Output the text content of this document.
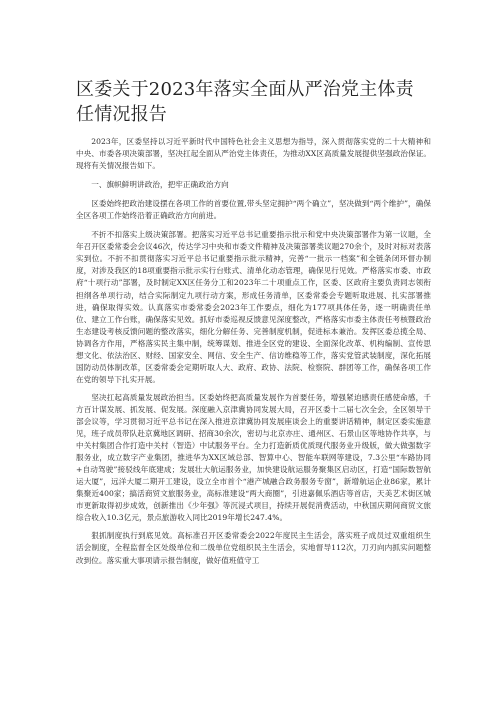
区委关于2023年落实全面从严治党主体责任情况报告

2023年，区委坚持以习近平新时代中国特色社会主义思想为指导，深入贯彻落实党的二十大精神和中央、市委各项决策部署，坚决扛起全面从严治党主体责任，为推动XX区高质量发展提供坚强政治保证。现将有关情况报告如下。

一、旗帜鲜明讲政治，把牢正确政治方向

区委始终把政治建设摆在各项工作的首要位置,带头坚定拥护“两个确立”，坚决做到“两个维护”，确保全区各项工作始终沿着正确政治方向前进。

不折不扣落实上级决策部署。把落实习近平总书记重要指示批示和党中央决策部署作为第一议题，全年召开区委常委会会议46次，传达学习中央和市委文件精神及决策部署类议题270余个，及时对标对表落实到位。不折不扣贯彻落实习近平总书记重要指示批示精神，完善“一批示一档案”和全链条闭环督办制度，对涉及我区的18项重要指示批示实行台账式、清单化动态管理，确保见行见效。严格落实市委、市政府“十项行动”部署，及时制定XX区任务分工和2023年二十项重点工作，区委、区政府主要负责同志领衔担纲各单项行动，结合实际制定九项行动方案，形成任务清单，区委常委会专题听取进展、扎实部署推进，确保取得实效。认真落实市委常委会2023年工作要点，细化为177项具体任务，逐一明确责任单位、建立工作台账，确保落实见效。抓好市委巡视反馈意见深度整改，严格落实市委主体责任考核暨政治生态建设考核反馈问题的整改落实，细化分解任务、完善制度机制，促进标本兼治。发挥区委总揽全局、协调各方作用，严格落实民主集中制，统筹谋划、推进全区党的建设、全面深化改革、机构编制、宣传思想文化、依法治区、财经、国家安全、网信、安全生产、信访维稳等工作，落实党管武装制度，深化拓展国防动员体制改革，区委常委会定期听取人大、政府、政协、法院、检察院、群团等工作，确保各项工作在党的领导下扎实开展。

坚决扛起高质量发展政治担当。区委始终把高质量发展作为首要任务，增强紧迫感责任感使命感，千方百计谋发展、抓发展、促发展。深度融入京津冀协同发展大局，召开区委十二届七次全会，全区领导干部会议等，学习贯彻习近平总书记在深入推进京津冀协同发展座谈会上的重要讲话精神，制定区委实施意见，班子成员带队赴京冀地区调研、招商30余次，密切与北京亦庄、通州区、石景山区等地协作共享，与中关村集团合作打造中关村（智造）中试服务平台。全力打造新质优质现代服务业升级版，做大做强数字服务业，成立数字产业集团，推进华为XX区域总部、智算中心、智能车联网等建设，7.3公里“车路协同+自动驾驶”接驳线年底建成；发展壮大航运服务业，加快建设航运服务聚集区启动区，打造“国际数智航运大厦”，远洋大厦二期开工建设，设立全市首个“港产城融合政务服务专窗”，新增航运企业86家，累计集聚近400家；搞活商贸文旅服务业，高标准建设“两大商圈”，引进嘉佩乐酒店等首店，天美艺术街区城市更新取得初步成效，创新推出《少年强》等沉浸式项目，持续开展促消费活动，中秋国庆期间商贸文旅综合收入10.3亿元，景点旅游收入同比2019年增长247.4%。

狠抓制度执行到底见效。高标准召开区委常委会2022年度民主生活会，落实班子成员过双重组织生活会制度，全程监督全区处级单位和二级单位党组织民主生活会，实地督导112次，刀刃向内抓实问题整改到位。落实重大事项请示报告制度，做好值班值守工
